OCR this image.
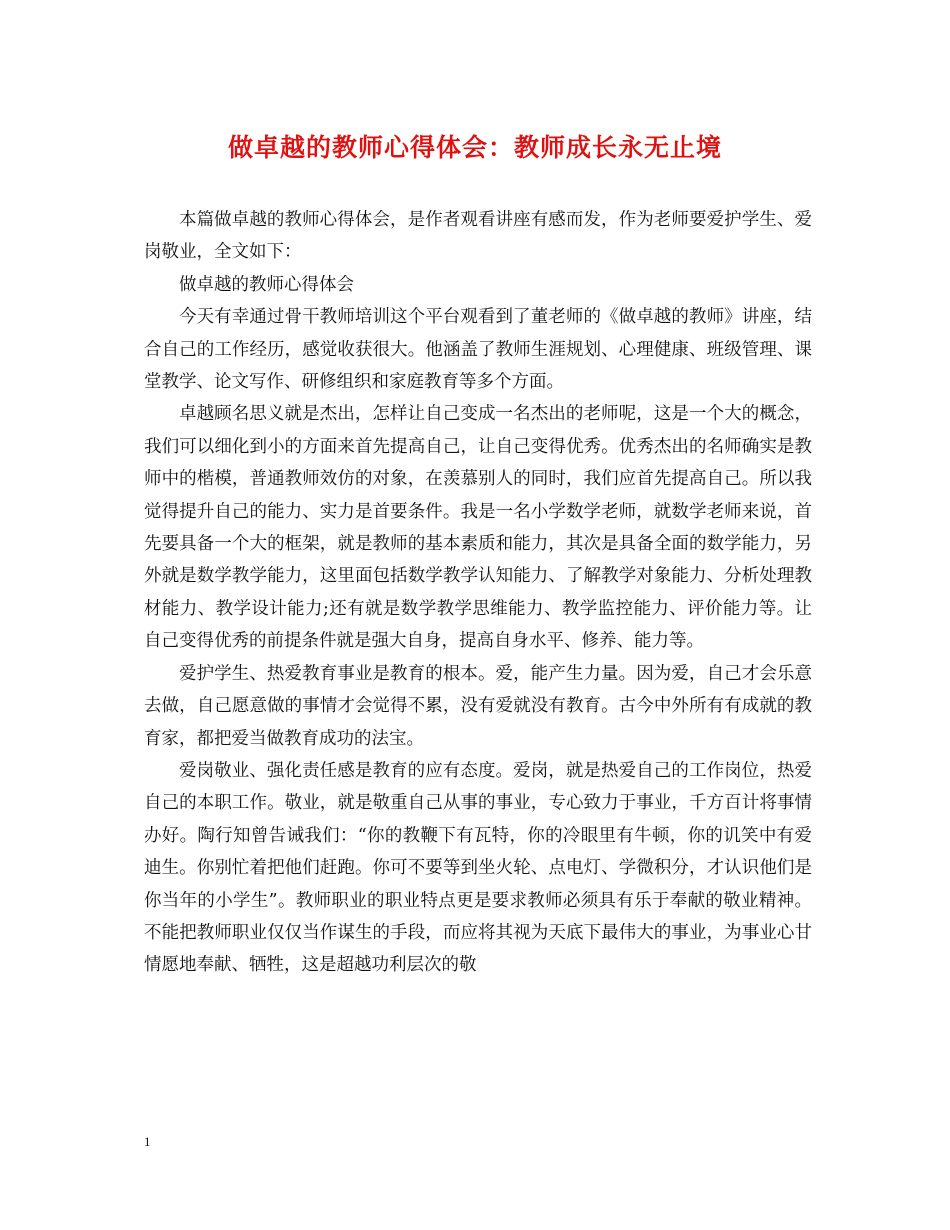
做卓越的教师心得体会：教师成长永无止境

本篇做卓越的教师心得体会，是作者观看讲座有感而发，作为老师要爱护学生、爱岗敬业，全文如下：

做卓越的教师心得体会

今天有幸通过骨干教师培训这个平台观看到了董老师的《做卓越的教师》讲座，结合自己的工作经历，感觉收获很大。他涵盖了教师生涯规划、心理健康、班级管理、课堂教学、论文写作、研修组织和家庭教育等多个方面。

卓越顾名思义就是杰出，怎样让自己变成一名杰出的老师呢，这是一个大的概念，我们可以细化到小的方面来首先提高自己，让自己变得优秀。优秀杰出的名师确实是教师中的楷模，普通教师效仿的对象，在羡慕别人的同时，我们应首先提高自己。所以我觉得提升自己的能力、实力是首要条件。我是一名小学数学老师，就数学老师来说，首先要具备一个大的框架，就是教师的基本素质和能力，其次是具备全面的数学能力，另外就是数学教学能力，这里面包括数学教学认知能力、了解教学对象能力、分析处理教材能力、教学设计能力;还有就是数学教学思维能力、教学监控能力、评价能力等。让自己变得优秀的前提条件就是强大自身，提高自身水平、修养、能力等。

爱护学生、热爱教育事业是教育的根本。爱，能产生力量。因为爱，自己才会乐意去做，自己愿意做的事情才会觉得不累，没有爱就没有教育。古今中外所有有成就的教育家，都把爱当做教育成功的法宝。

爱岗敬业、强化责任感是教育的应有态度。爱岗，就是热爱自己的工作岗位，热爱自己的本职工作。敬业，就是敬重自己从事的事业，专心致力于事业，千方百计将事情办好。陶行知曾告诫我们：“你的教鞭下有瓦特，你的冷眼里有牛顿，你的讥笑中有爱迪生。你别忙着把他们赶跑。你可不要等到坐火轮、点电灯、学微积分，才认识他们是你当年的小学生”。教师职业的职业特点更是要求教师必须具有乐于奉献的敬业精神。不能把教师职业仅仅当作谋生的手段，而应将其视为天底下最伟大的事业，为事业心甘情愿地奉献、牺牲，这是超越功利层次的敬

1
